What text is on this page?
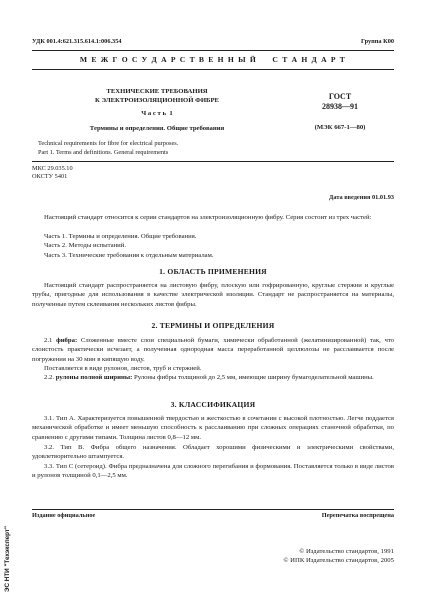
УДК 001.4:621.315.614.1:006.354	Группа К00
М Е Ж Г О С У Д А Р С Т В Е Н Н Ы Й     С Т А Н Д А Р Т
ТЕХНИЧЕСКИЕ ТРЕБОВАНИЯ
К ЭЛЕКТРОИЗОЛЯЦИОННОЙ ФИБРЕ
Ч а с т ь  1
Термины и определения. Общие требования
Technical requirements for fibre for electrical purposes.
Part 1. Terms and definitions. General requirements
ГОСТ
28938—91
(МЭК 667-1—80)
МКС 29.035.10
ОКСТУ 5401
Дата введения 01.01.93

Настоящий стандарт относится к серии стандартов на электроизоляционную фибру. Серия состоит из трех частей:

Часть 1. Термины и определения. Общие требования.
Часть 2. Методы испытаний.
Часть 3. Технические требования к отдельным материалам.
1. ОБЛАСТЬ ПРИМЕНЕНИЯ

Настоящий стандарт распространяется на листовую фибру, плоскую или гофрированную, круглые стержни и круглые трубы, пригодные для использования в качестве электрической изоляции. Стандарт не распространяется на материалы, полученные путем склеивания нескольких листов фибры.

2. ТЕРМИНЫ И ОПРЕДЕЛЕНИЯ

2.1 фибра: Сложенные вместе слои специальной бумаги, химически обработанной (желатинизированной) так, что слоистость практически исчезает, а полученная однородная масса переработанной целлюлозы не расслаивается после погружения на 30 мин в кипящую воду.

Поставляется в виде рулонов, листов, труб и стержней.

2.2. рулоны полной ширины: Рулоны фибры толщиной до 2,5 мм, имеющие ширину бумагоделательной машины.

3. КЛАССИФИКАЦИЯ

3.1. Тип А. Характеризуется повышенной твердостью и жесткостью в сочетании с высокой плотностью. Легче поддается механической обработке и имеет меньшую способность к расслаиванию при сложных операциях станочной обработки, по сравнению с другими типами. Толщина листов 0,8—12 мм.

3.2. Тип В. Фибра общего назначения. Обладает хорошими физическими и электрическими свойствами, удовлетворительно штампуется.

3.3. Тип С (сетероид). Фибра предназначена для сложного перегибания и формования. Поставляется только в виде листов и рулонов толщиной 0,1—2,5 мм.

Издание официальное	Перепечатка воспрещена
© Издательство стандартов, 1991
© ИПК Издательство стандартов, 2005
ЭС НТИ "Техэксперт"
